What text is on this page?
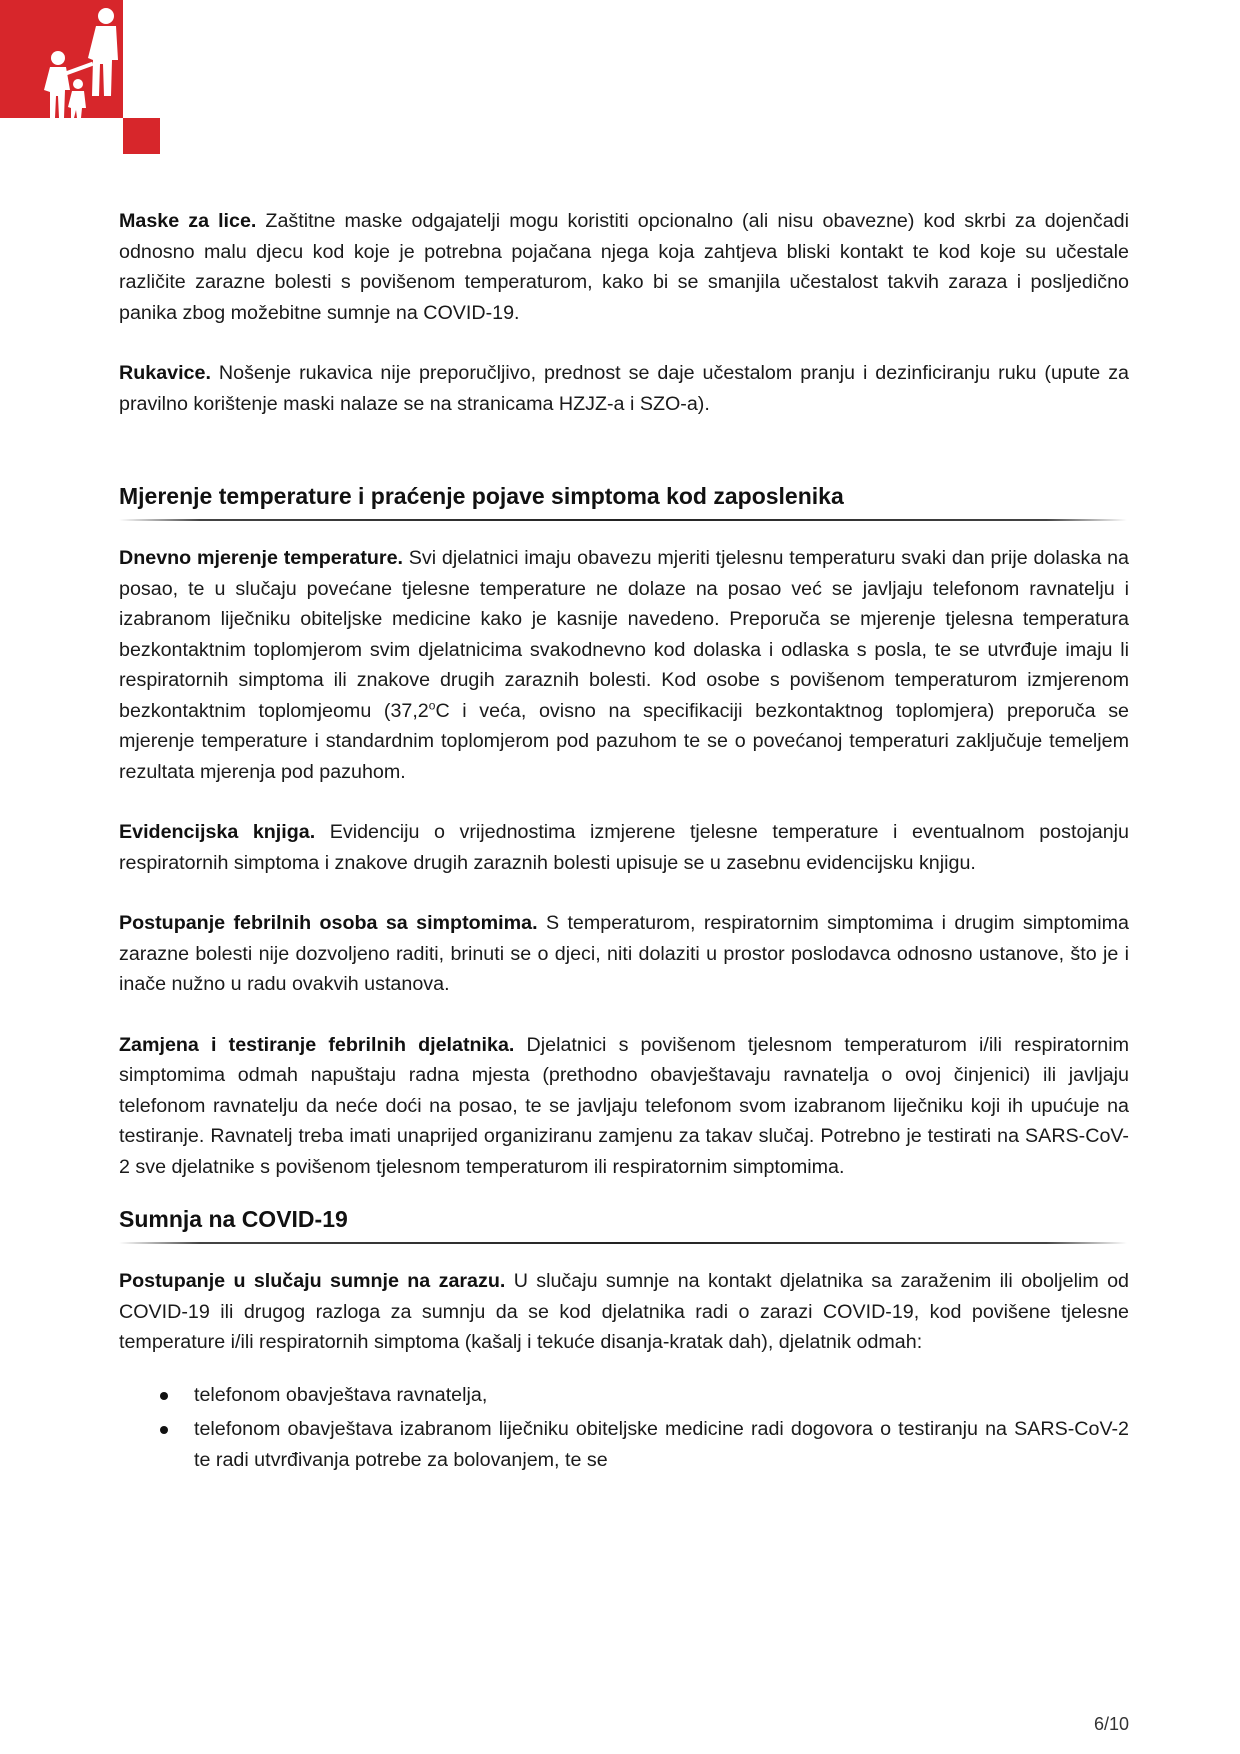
Maske za lice. Zaštitne maske odgajatelji mogu koristiti opcionalno (ali nisu obavezne) kod skrbi za dojenčadi odnosno malu djecu kod koje je potrebna pojačana njega koja zahtjeva bliski kontakt te kod koje su učestale različite zarazne bolesti s povišenom temperaturom, kako bi se smanjila učestalost takvih zaraza i posljedično panika zbog možebitne sumnje na COVID-19.

Rukavice. Nošenje rukavica nije preporučljivo, prednost se daje učestalom pranju i dezinficiranju ruku (upute za pravilno korištenje maski nalaze se na stranicama HZJZ-a i SZO-a).

Mjerenje temperature i praćenje pojave simptoma kod zaposlenika

Dnevno mjerenje temperature. Svi djelatnici imaju obavezu mjeriti tjelesnu temperaturu svaki dan prije dolaska na posao, te u slučaju povećane tjelesne temperature ne dolaze na posao već se javljaju telefonom ravnatelju i izabranom liječniku obiteljske medicine kako je kasnije navedeno. Preporuča se mjerenje tjelesna temperatura bezkontaktnim toplomjerom svim djelatnicima svakodnevno kod dolaska i odlaska s posla, te se utvrđuje imaju li respiratornih simptoma ili znakove drugih zaraznih bolesti. Kod osobe s povišenom temperaturom izmjerenom bezkontaktnim toplomjeomu (37,2$^o$C i veća, ovisno na specifikaciji bezkontaktnog toplomjera) preporuča se mjerenje temperature i standardnim toplomjerom pod pazuhom te se o povećanoj temperaturi zaključuje temeljem rezultata mjerenja pod pazuhom.

Evidencijska knjiga. Evidenciju o vrijednostima izmjerene tjelesne temperature i eventualnom postojanju respiratornih simptoma i znakove drugih zaraznih bolesti upisuje se u zasebnu evidencijsku knjigu.

Postupanje febrilnih osoba sa simptomima. S temperaturom, respiratornim simptomima i drugim simptomima zarazne bolesti nije dozvoljeno raditi, brinuti se o djeci, niti dolaziti u prostor poslodavca odnosno ustanove, što je i inače nužno u radu ovakvih ustanova.

Zamjena i testiranje febrilnih djelatnika. Djelatnici s povišenom tjelesnom temperaturom i/ili respiratornim simptomima odmah napuštaju radna mjesta (prethodno obavještavaju ravnatelja o ovoj činjenici) ili javljaju telefonom ravnatelju da neće doći na posao, te se javljaju telefonom svom izabranom liječniku koji ih upućuje na testiranje. Ravnatelj treba imati unaprijed organiziranu zamjenu za takav slučaj. Potrebno je testirati na SARS-CoV-2 sve djelatnike s povišenom tjelesnom temperaturom ili respiratornim simptomima.

Sumnja na COVID-19

Postupanje u slučaju sumnje na zarazu. U slučaju sumnje na kontakt djelatnika sa zaraženim ili oboljelim od COVID-19 ili drugog razloga za sumnju da se kod djelatnika radi o zarazi COVID-19, kod povišene tjelesne temperature i/ili respiratornih simptoma (kašalj i tekuće disanja-kratak dah), djelatnik odmah:

telefonom obavještava ravnatelja,
telefonom obavještava izabranom liječniku obiteljske medicine radi dogovora o testiranju na SARS-CoV-2 te radi utvrđivanja potrebe za bolovanjem, te se
6/10
